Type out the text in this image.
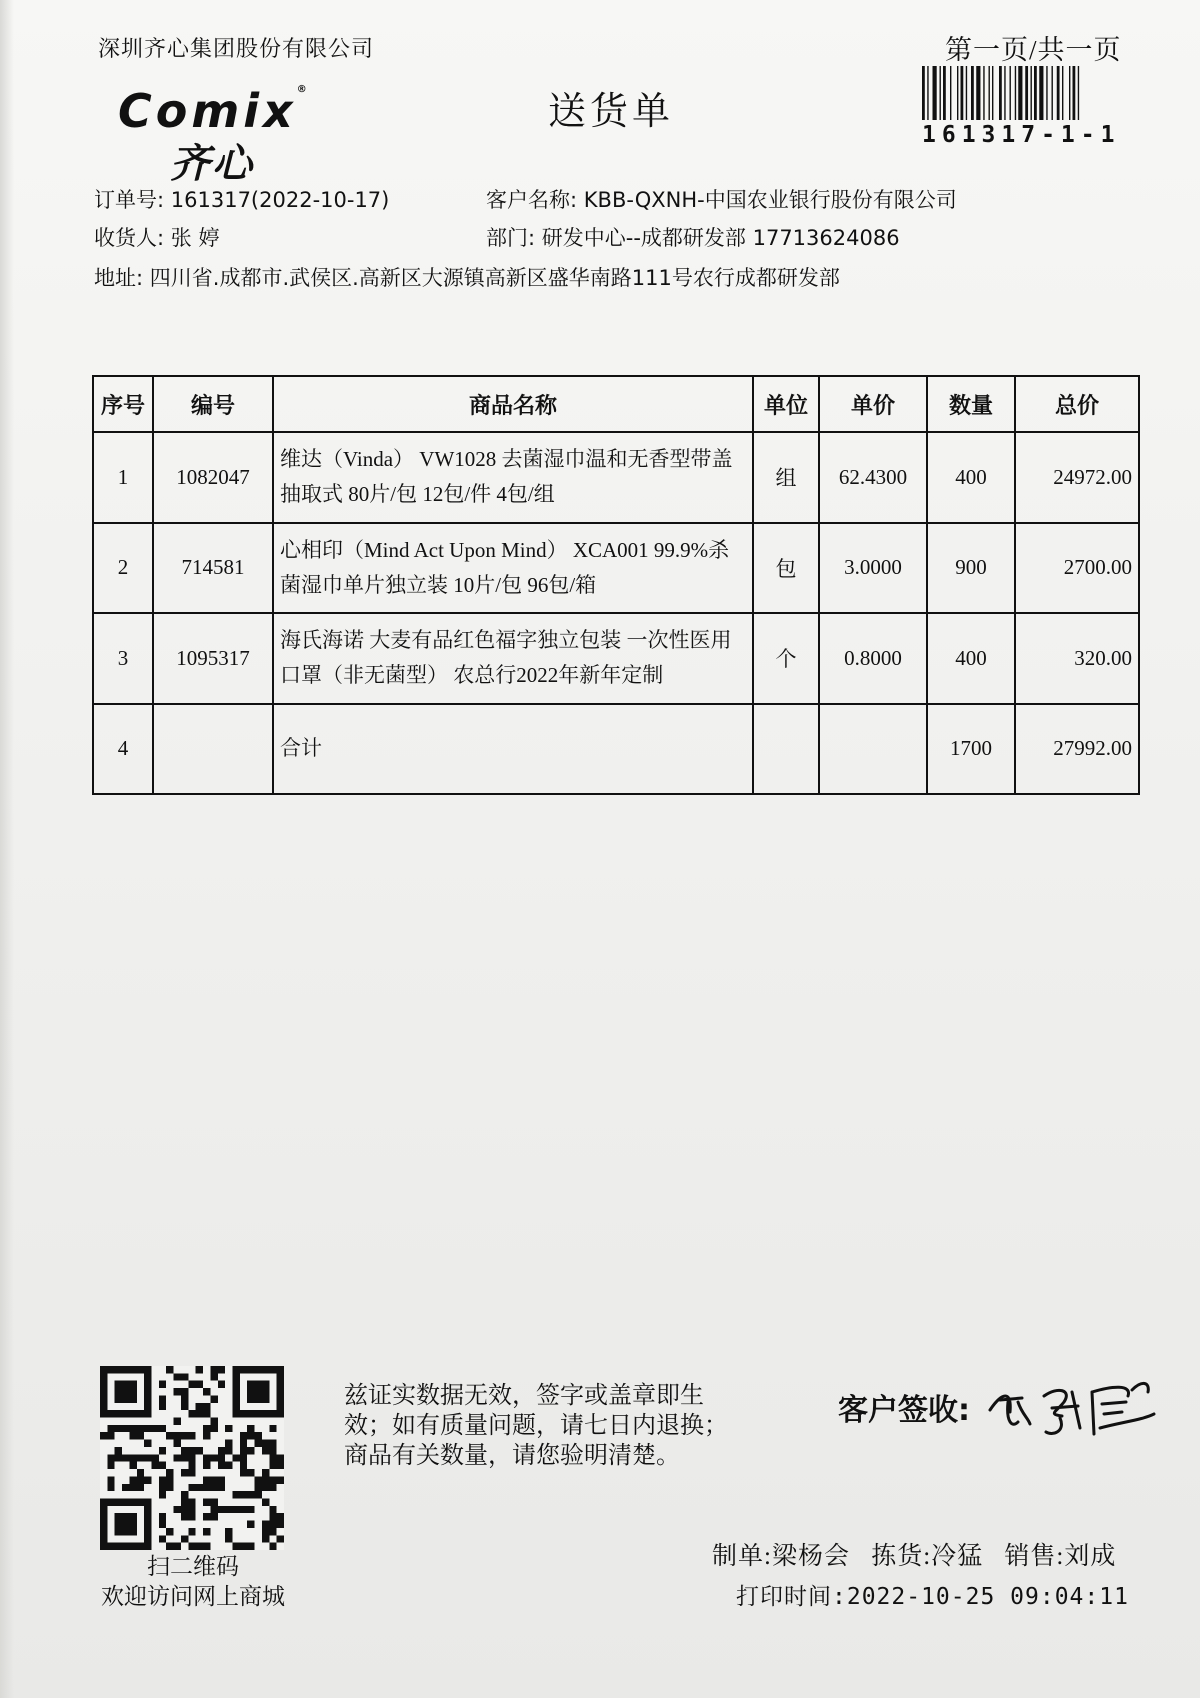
深圳齐心集团股份有限公司	第一页/共一页
161317-1-1
Comix®
齐心
送货单
订单号: 161317(2022-10-17)	客户名称: KBB-QXNH-中国农业银行股份有限公司
收货人: 张 婷	部门: 研发中心--成都研发部 17713624086
地址: 四川省.成都市.武侯区.高新区大源镇高新区盛华南路111号农行成都研发部
序号	编号	商品名称	单位	单价	数量	总价
1	1082047	维达（Vinda） VW1028 去菌湿巾温和无香型带盖抽取式 80片/包 12包/件 4包/组	组	62.4300	400	24972.00
2	714581	心相印（Mind Act Upon Mind） XCA001 99.9%杀菌湿巾单片独立装 10片/包 96包/箱	包	3.0000	900	2700.00
3	1095317	海氏海诺 大麦有品红色福字独立包装 一次性医用口罩（非无菌型） 农总行2022年新年定制	个	0.8000	400	320.00
4		合计			1700	27992.00
扫二维码
欢迎访问网上商城
兹证实数据无效，签字或盖章即生
效；如有质量问题，请七日内退换；
商品有关数量，请您验明清楚。
客户签收:
制单:梁杨会 拣货:冷猛 销售:刘成
打印时间:2022-10-25 09:04:11
